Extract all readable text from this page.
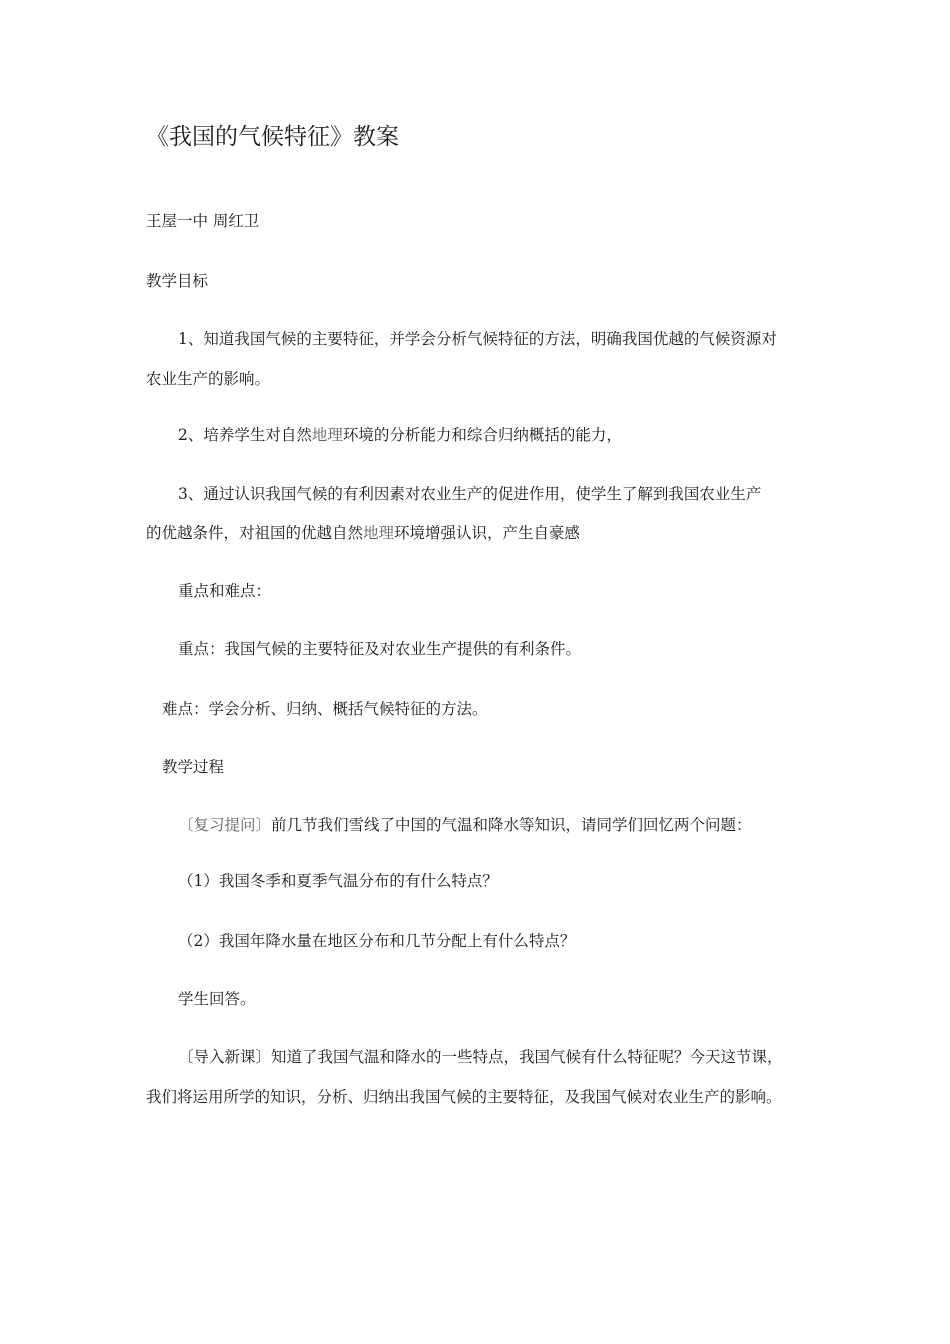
《我国的气候特征》教案
王屋一中 周红卫
教学目标
1、知道我国气候的主要特征，并学会分析气候特征的方法，明确我国优越的气候资源对
农业生产的影响。
2、培养学生对自然地理环境的分析能力和综合归纳概括的能力，
3、通过认识我国气候的有利因素对农业生产的促进作用，使学生了解到我国农业生产
的优越条件，对祖国的优越自然地理环境增强认识，产生自豪感
重点和难点：
重点：我国气候的主要特征及对农业生产提供的有利条件。
难点：学会分析、归纳、概括气候特征的方法。
教学过程
〔复习提问〕前几节我们雪线了中国的气温和降水等知识，请同学们回忆两个问题：
（1）我国冬季和夏季气温分布的有什么特点？
（2）我国年降水量在地区分布和几节分配上有什么特点？
学生回答。
〔导入新课〕知道了我国气温和降水的一些特点，我国气候有什么特征呢？今天这节课，
我们将运用所学的知识，分析、归纳出我国气候的主要特征，及我国气候对农业生产的影响。
